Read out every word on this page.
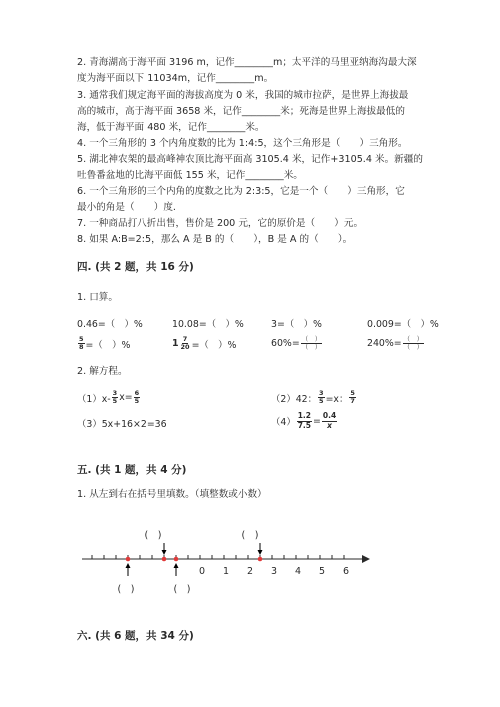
2. 青海湖高于海平面 3196 m，记作________m；太平洋的马里亚纳海沟最大深
度为海平面以下 11034m，记作________m。
3. 通常我们规定海平面的海拔高度为 0 米，我国的城市拉萨，是世界上海拔最
高的城市，高于海平面 3658 米，记作________米；死海是世界上海拔最低的
海，低于海平面 480 米，记作________米。
4. 一个三角形的 3 个内角度数的比为 1:4:5，这个三角形是（　　）三角形。
5. 湖北神农架的最高峰神农顶比海平面高 3105.4 米，记作+3105.4 米。新疆的
吐鲁番盆地的比海平面低 155 米，记作________米。
6. 一个三角形的三个内角的度数之比为 2:3:5，它是一个（　　）三角形，它
最小的角是（　　）度.
7. 一种商品打八折出售，售价是 200 元，它的原价是（　　）元。
8. 如果 A:B=2:5，那么 A 是 B 的（　　），B 是 A 的（　　）。
四. (共 2 题，共 16 分)
1. 口算。
0.46=（　）%	10.08=（　）%	3=（　）%	0.009=（　）%
$\frac{5}{8}$ =（　）%	$1 \frac{7}{20}$ =（　）%	$60\%= \frac{( )}{( )}$	$240\%= \frac{( )}{( )}$
2. 解方程。
$(1)x- \frac{3}{5} x= \frac{6}{5}$	（2）42： $\frac{3}{5} =x$： $\frac{5}{7}$
（3）5x+16×2=36	$(4) \frac{1.2}{7.5} = \frac{0.4}{x}$
五. (共 1 题，共 4 分)
1. 从左到右在括号里填数。（填整数或小数）
0 1 2 3 4 5 6
(　)	(　)
(　)	(　)
六. (共 6 题，共 34 分)
